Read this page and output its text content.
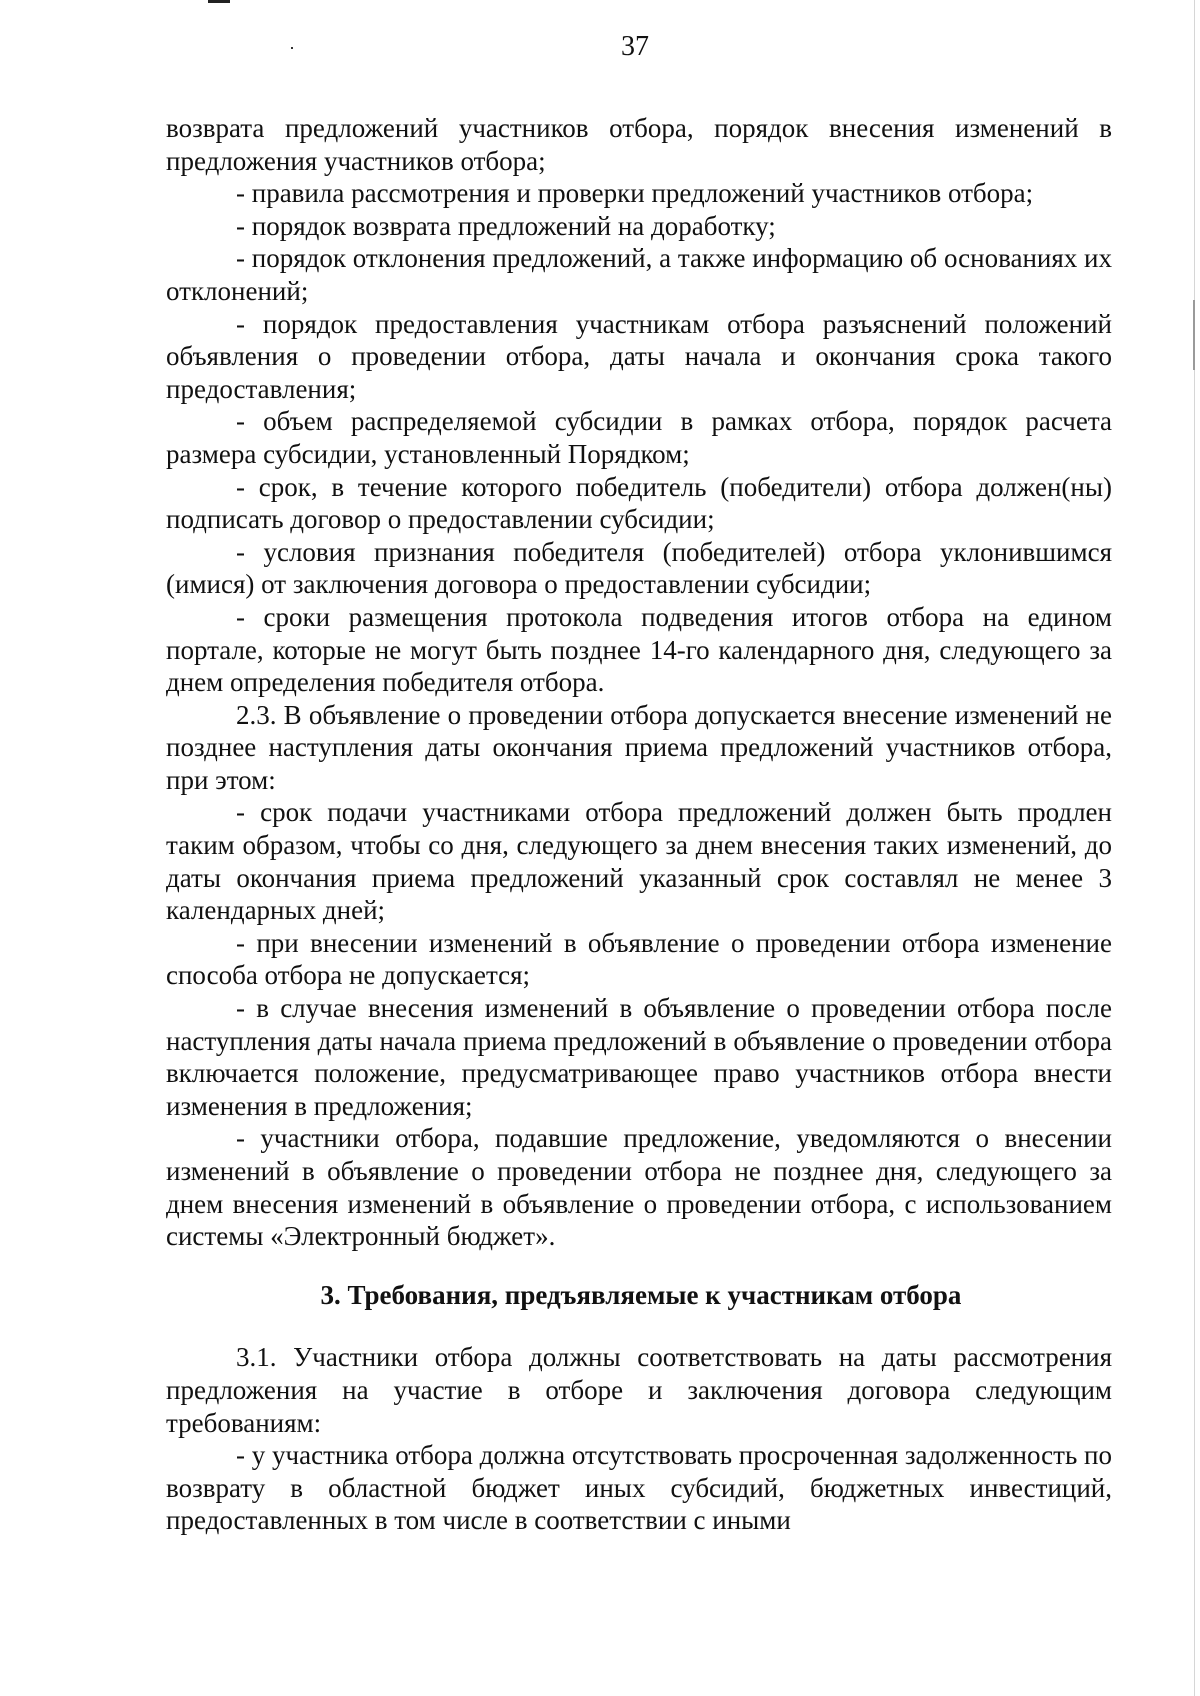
37

возврата предложений участников отбора, порядок внесения изменений в предложения участников отбора;

- правила рассмотрения и проверки предложений участников отбора;

- порядок возврата предложений на доработку;

- порядок отклонения предложений, а также информацию об основаниях их отклонений;

- порядок предоставления участникам отбора разъяснений положений объявления о проведении отбора, даты начала и окончания срока такого предоставления;

- объем распределяемой субсидии в рамках отбора, порядок расчета размера субсидии, установленный Порядком;

- срок, в течение которого победитель (победители) отбора должен(ны) подписать договор о предоставлении субсидии;

- условия признания победителя (победителей) отбора уклонившимся (имися) от заключения договора о предоставлении субсидии;

- сроки размещения протокола подведения итогов отбора на едином портале, которые не могут быть позднее 14-го календарного дня, следующего за днем определения победителя отбора.

2.3. В объявление о проведении отбора допускается внесение изменений не позднее наступления даты окончания приема предложений участников отбора, при этом:

- срок подачи участниками отбора предложений должен быть продлен таким образом, чтобы со дня, следующего за днем внесения таких изменений, до даты окончания приема предложений указанный срок составлял не менее 3 календарных дней;

- при внесении изменений в объявление о проведении отбора изменение способа отбора не допускается;

- в случае внесения изменений в объявление о проведении отбора после наступления даты начала приема предложений в объявление о проведении отбора включается положение, предусматривающее право участников отбора внести изменения в предложения;

- участники отбора, подавшие предложение, уведомляются о внесении изменений в объявление о проведении отбора не позднее дня, следующего за днем внесения изменений в объявление о проведении отбора, с использованием системы «Электронный бюджет».

3. Требования, предъявляемые к участникам отбора

3.1. Участники отбора должны соответствовать на даты рассмотрения предложения на участие в отборе и заключения договора следующим требованиям:

- у участника отбора должна отсутствовать просроченная задолженность по возврату в областной бюджет иных субсидий, бюджетных инвестиций, предоставленных в том числе в соответствии с иными
